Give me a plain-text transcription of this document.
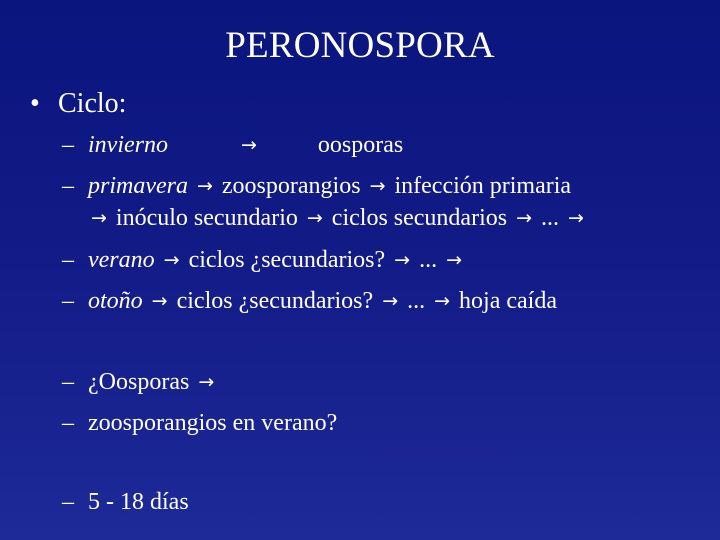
PERONOSPORA
• Ciclo:
– invierno	→	oosporas
– primavera → zoosporangios → infección primaria
→ inóculo secundario → ciclos secundarios → ... →
– verano → ciclos ¿secundarios? → ... →
– otoño → ciclos ¿secundarios? → ... → hoja caída
– ¿Oosporas →
– zoosporangios en verano?
– 5 - 18 días
